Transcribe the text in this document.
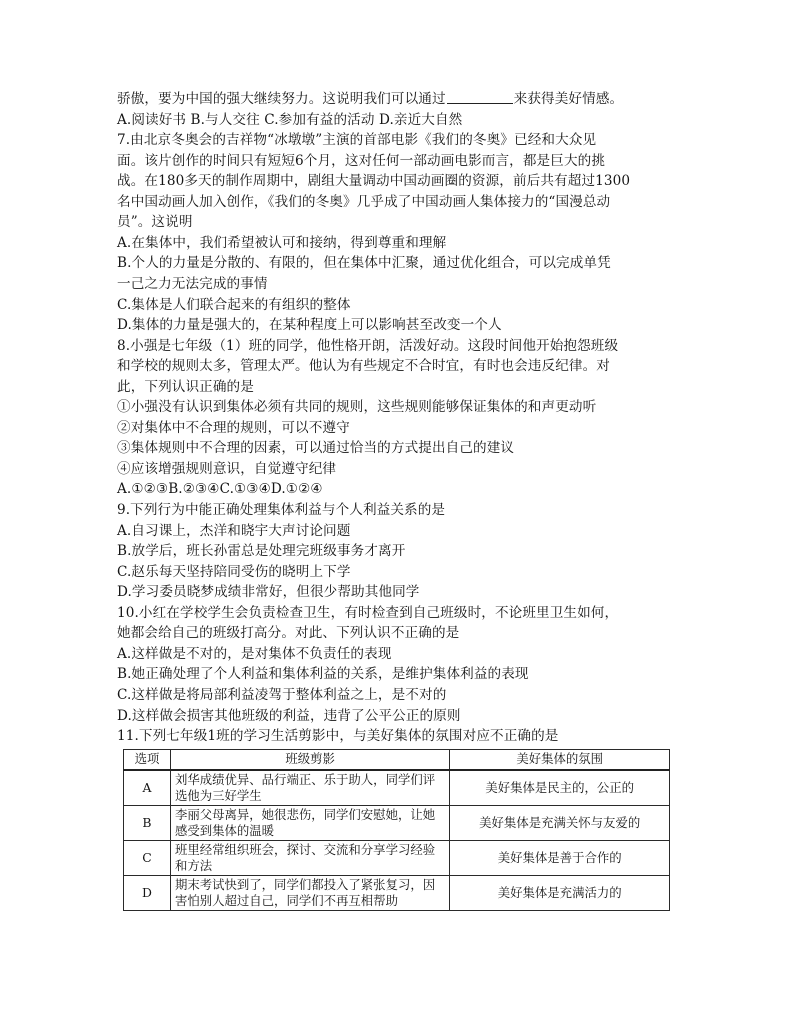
骄傲，要为中国的强大继续努力。这说明我们可以通过	来获得美好情感。
A.阅读好书 B.与人交往 C.参加有益的活动 D.亲近大自然
7.由北京冬奥会的吉祥物“冰墩墩”主演的首部电影《我们的冬奥》已经和大众见
面。该片创作的时间只有短短6个月，这对任何一部动画电影而言，都是巨大的挑
战。在180多天的制作周期中，剧组大量调动中国动画圈的资源，前后共有超过1300
名中国动画人加入创作，《我们的冬奥》几乎成了中国动画人集体接力的“国漫总动
员”。这说明
A.在集体中，我们希望被认可和接纳，得到尊重和理解
B.个人的力量是分散的、有限的，但在集体中汇聚，通过优化组合，可以完成单凭
一己之力无法完成的事情
C.集体是人们联合起来的有组织的整体
D.集体的力量是强大的，在某种程度上可以影响甚至改变一个人
8.小强是七年级（1）班的同学，他性格开朗，活泼好动。这段时间他开始抱怨班级
和学校的规则太多，管理太严。他认为有些规定不合时宜，有时也会违反纪律。对
此，下列认识正确的是
①小强没有认识到集体必须有共同的规则，这些规则能够保证集体的和声更动听
②对集体中不合理的规则，可以不遵守
③集体规则中不合理的因素，可以通过恰当的方式提出自己的建议
④应该增强规则意识，自觉遵守纪律
A.①②③B.②③④C.①③④D.①②④
9.下列行为中能正确处理集体利益与个人利益关系的是
A.自习课上，杰洋和晓宇大声讨论问题
B.放学后，班长孙雷总是处理完班级事务才离开
C.赵乐每天坚持陪同受伤的晓明上下学
D.学习委员晓梦成绩非常好，但很少帮助其他同学
10.小红在学校学生会负责检查卫生，有时检查到自己班级时，不论班里卫生如何，
她都会给自己的班级打高分。对此、下列认识不正确的是
A.这样做是不对的，是对集体不负责任的表现
B.她正确处理了个人利益和集体利益的关系，是维护集体利益的表现
C.这样做是将局部利益凌驾于整体利益之上，是不对的
D.这样做会损害其他班级的利益，违背了公平公正的原则
11.下列七年级1班的学习生活剪影中，与美好集体的氛围对应不正确的是
选项	班级剪影	美好集体的氛围
A	刘华成绩优异、品行端正、乐于助人，同学们评选他为三好学生	美好集体是民主的，公正的
B	李丽父母离异，她很悲伤，同学们安慰她，让她感受到集体的温暖	美好集体是充满关怀与友爱的
C	班里经常组织班会，探讨、交流和分享学习经验和方法	美好集体是善于合作的
D	期末考试快到了，同学们都投入了紧张复习，因害怕别人超过自己，同学们不再互相帮助	美好集体是充满活力的
